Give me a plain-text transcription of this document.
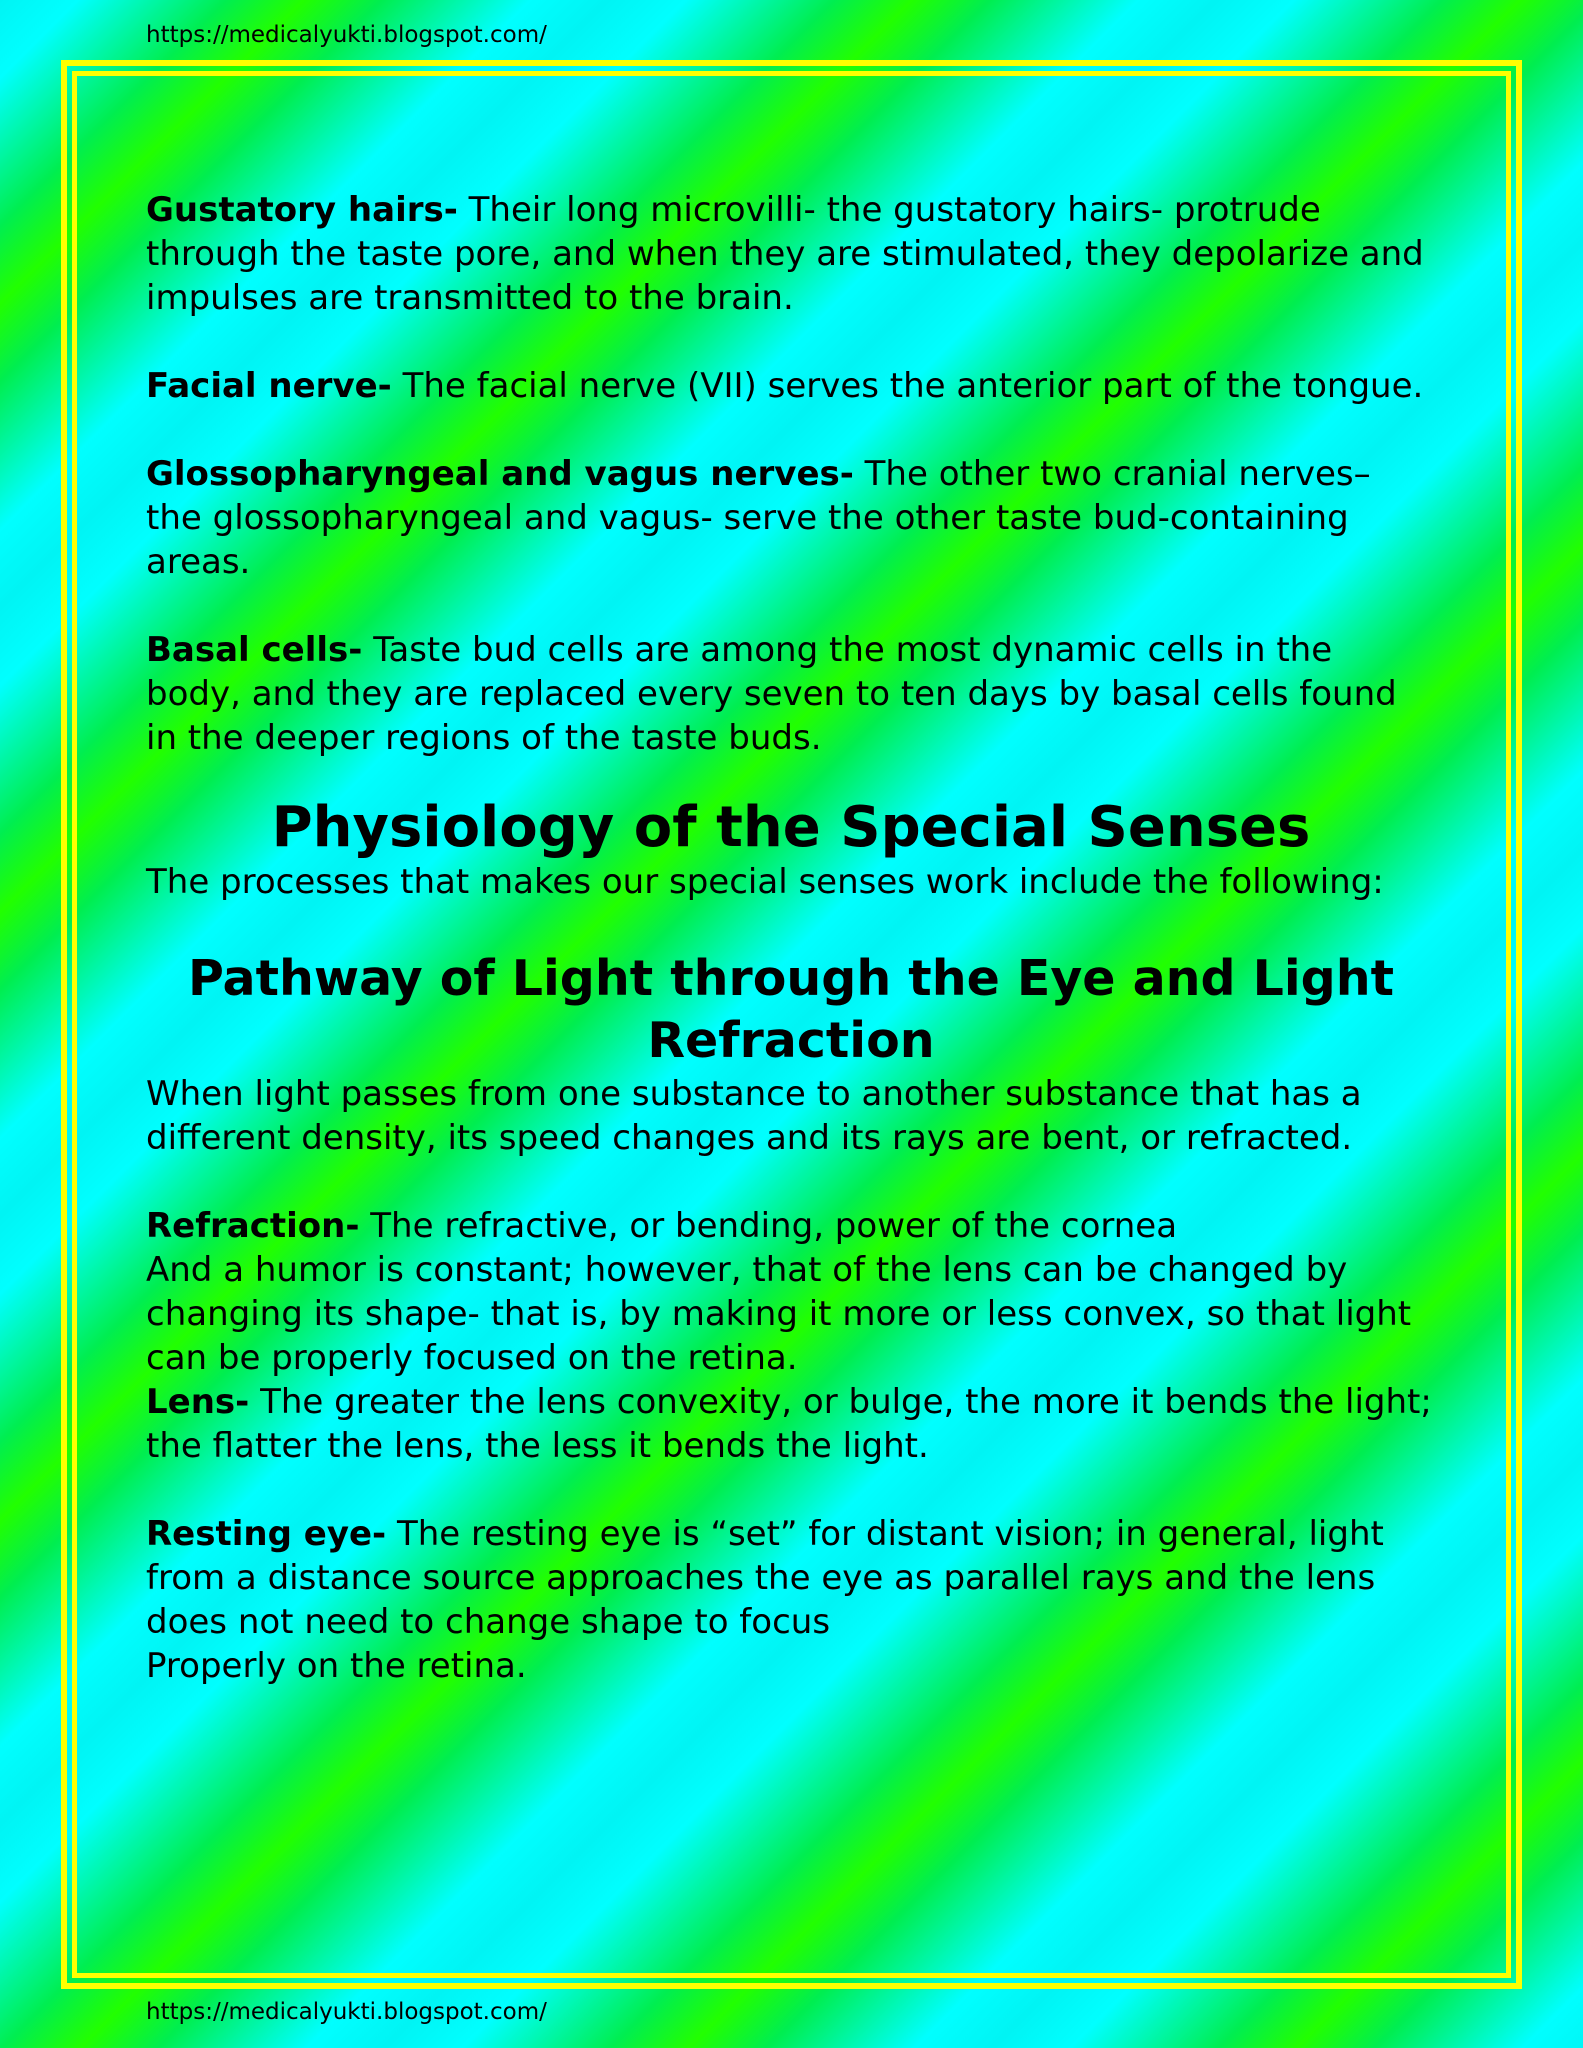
https://medicalyukti.blogspot.com/

Gustatory hairs- Their long microvilli- the gustatory hairs- protrude through the taste pore, and when they are stimulated, they depolarize and impulses are transmitted to the brain.

Facial nerve- The facial nerve (VII) serves the anterior part of the tongue.

Glossopharyngeal and vagus nerves- The other two cranial nerves– the glossopharyngeal and vagus- serve the other taste bud-containing areas.

Basal cells- Taste bud cells are among the most dynamic cells in the body, and they are replaced every seven to ten days by basal cells found in the deeper regions of the taste buds.

Physiology of the Special Senses

The processes that makes our special senses work include the following:

Pathway of Light through the Eye and Light Refraction

When light passes from one substance to another substance that has a different density, its speed changes and its rays are bent, or refracted.

Refraction- The refractive, or bending, power of the cornea

And a humor is constant; however, that of the lens can be changed by changing its shape- that is, by making it more or less convex, so that light can be properly focused on the retina.

Lens- The greater the lens convexity, or bulge, the more it bends the light; the flatter the lens, the less it bends the light.

Resting eye- The resting eye is “set” for distant vision; in general, light from a distance source approaches the eye as parallel rays and the lens does not need to change shape to focus

Properly on the retina.

https://medicalyukti.blogspot.com/
